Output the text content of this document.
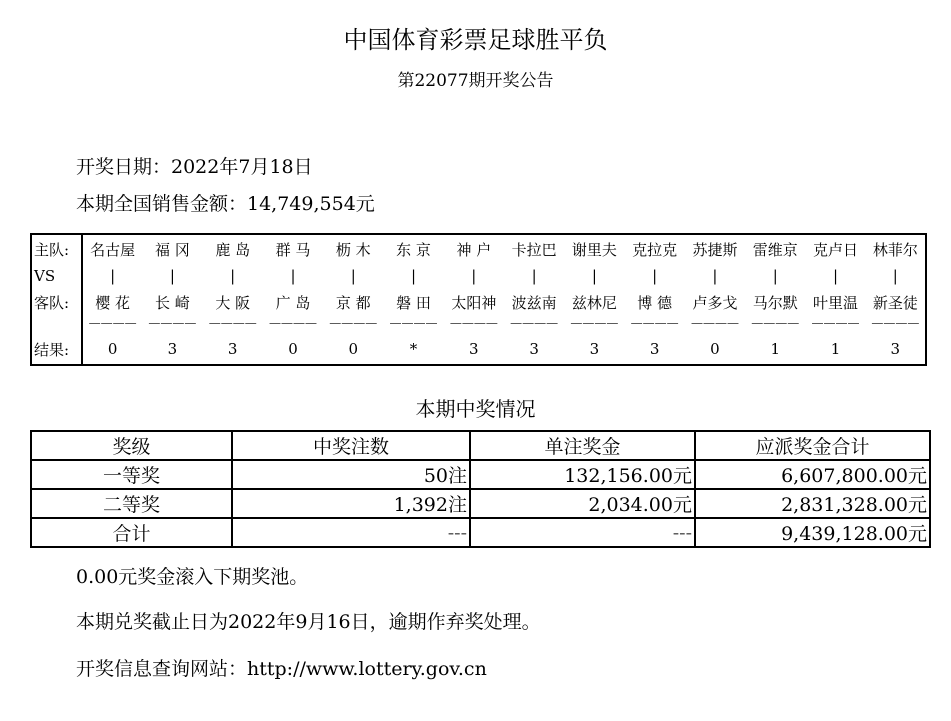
中国体育彩票足球胜平负
第22077期开奖公告
开奖日期：2022年7月18日
本期全国销售金额：14,749,554元
主队:	名古屋	福 冈	鹿 岛	群 马	枥 木	东 京	神 户	卡拉巴	谢里夫	克拉克	苏捷斯	雷维京	克卢日	林菲尔
VS	|	|	|	|	|	|	|	|	|	|	|	|	|	|
客队:	樱 花	长 崎	大 阪	广 岛	京 都	磐 田	太阳神	波兹南	兹林尼	博 德	卢多戈	马尔默	叶里温	新圣徒
	————	————	————	————	————	————	————	————	————	————	————	————	————	————
结果:	0	3	3	0	0	*	3	3	3	3	0	1	1	3
本期中奖情况
奖级	中奖注数	单注奖金	应派奖金合计
一等奖	50注	132,156.00元	6,607,800.00元
二等奖	1,392注	2,034.00元	2,831,328.00元
合计	---	---	9,439,128.00元
0.00元奖金滚入下期奖池。
本期兑奖截止日为2022年9月16日，逾期作弃奖处理。
开奖信息查询网站：http://www.lottery.gov.cn
